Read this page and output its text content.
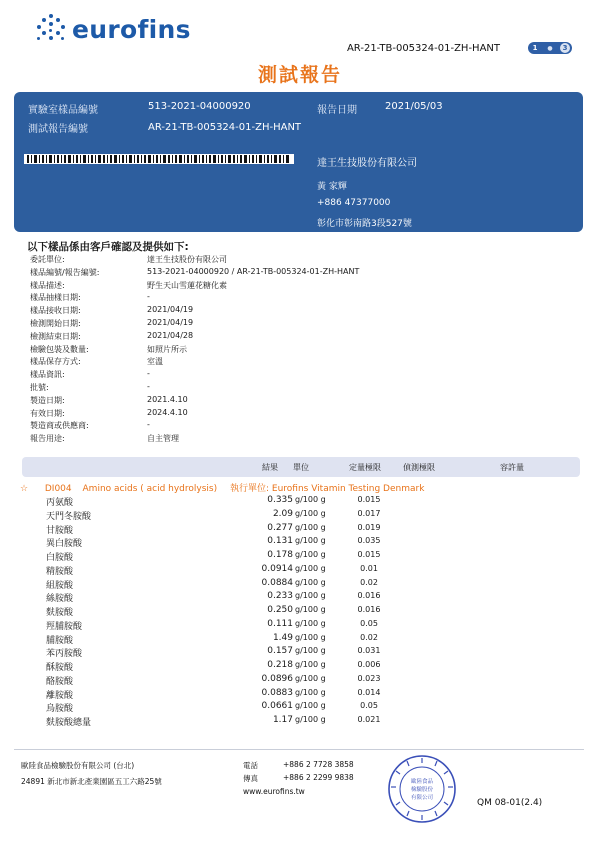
eurofins
AR-21-TB-005324-01-ZH-HANT	1	●	3
測試報告
實驗室樣品編號	513-2021-04000920	報告日期	2021/05/03
測試報告編號	AR-21-TB-005324-01-ZH-HANT
達王生技股份有限公司
黃 家輝
+886 47377000
彰化市彰南路3段527號
以下樣品係由客戶確認及提供如下:
委託單位:	達王生技股份有限公司
樣品編號/報告編號:	513-2021-04000920 / AR-21-TB-005324-01-ZH-HANT
樣品描述:	野生天山雪蓮花糖化素
樣品抽樣日期:	-
樣品接收日期:	2021/04/19
檢測開始日期:	2021/04/19
檢測結束日期:	2021/04/28
檢驗包裝及數量:	如照片所示
樣品保存方式:	室溫
樣品資訊:	-
批號:	-
製造日期:	2021.4.10
有效日期:	2024.4.10
製造商或供應商:	-
報告用途:	自主管理
結果 單位	定量極限	偵測極限	容許量
☆ DI004 Amino acids ( acid hydrolysis) 執行單位: Eurofins Vitamin Testing Denmark
丙氨酸	0.335 g/100 g	0.015
天門冬胺酸	2.09 g/100 g	0.017
甘胺酸	0.277 g/100 g	0.019
異白胺酸	0.131 g/100 g	0.035
白胺酸	0.178 g/100 g	0.015
精胺酸	0.0914 g/100 g	0.01
組胺酸	0.0884 g/100 g	0.02
絲胺酸	0.233 g/100 g	0.016
麩胺酸	0.250 g/100 g	0.016
羥脯胺酸	0.111 g/100 g	0.05
脯胺酸	1.49 g/100 g	0.02
苯丙胺酸	0.157 g/100 g	0.031
酥胺酸	0.218 g/100 g	0.006
酪胺酸	0.0896 g/100 g	0.023
離胺酸	0.0883 g/100 g	0.014
烏胺酸	0.0661 g/100 g	0.05
麩胺酸總量	1.17 g/100 g	0.021
歐陸食品檢驗股份有限公司 (台北)
24891 新北市新北產業園區五工六路25號
電話	+886 2 7728 3858
傳真	+886 2 2299 9838
www.eurofins.tw
歐陸食品
檢驗股份
有限公司	QM 08-01(2.4)
